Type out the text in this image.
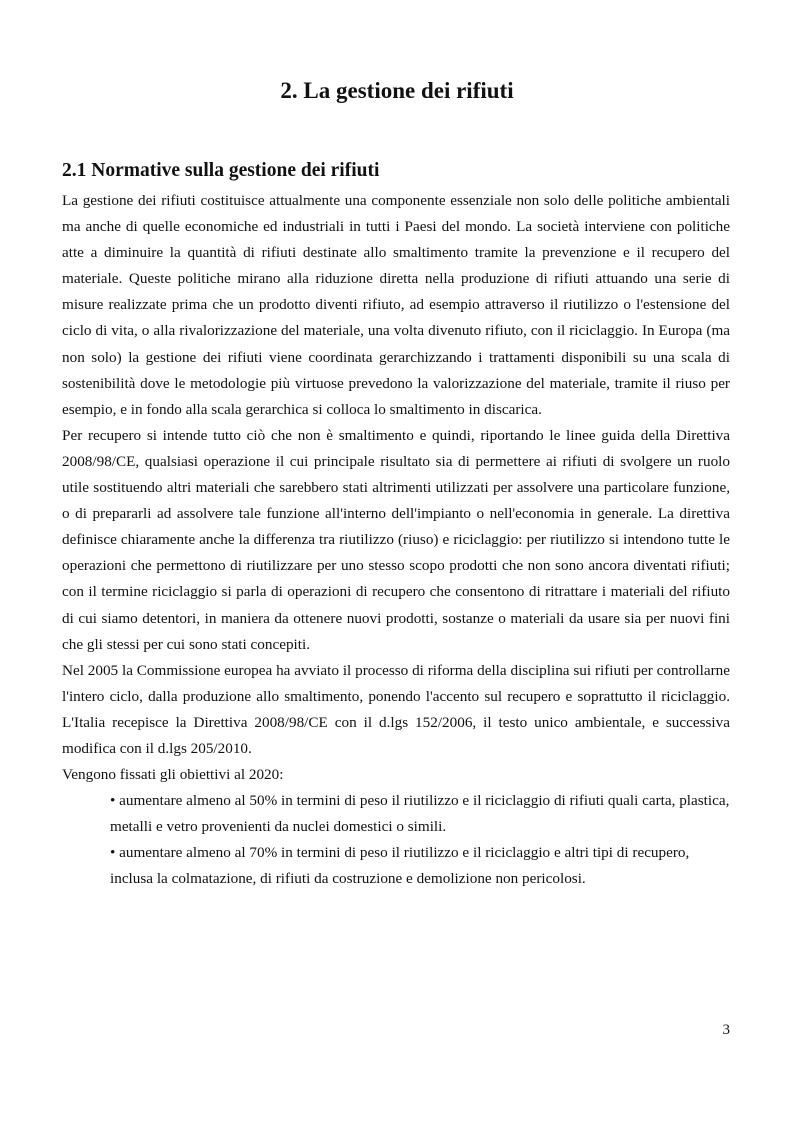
2. La gestione dei rifiuti
2.1 Normative sulla gestione dei rifiuti

La gestione dei rifiuti costituisce attualmente una componente essenziale non solo delle politiche ambientali ma anche di quelle economiche ed industriali in tutti i Paesi del mondo. La società interviene con politiche atte a diminuire la quantità di rifiuti destinate allo smaltimento tramite la prevenzione e il recupero del materiale. Queste politiche mirano alla riduzione diretta nella produzione di rifiuti attuando una serie di misure realizzate prima che un prodotto diventi rifiuto, ad esempio attraverso il riutilizzo o l'estensione del ciclo di vita, o alla rivalorizzazione del materiale, una volta divenuto rifiuto, con il riciclaggio. In Europa (ma non solo) la gestione dei rifiuti viene coordinata gerarchizzando i trattamenti disponibili su una scala di sostenibilità dove le metodologie più virtuose prevedono la valorizzazione del materiale, tramite il riuso per esempio, e in fondo alla scala gerarchica si colloca lo smaltimento in discarica.

Per recupero si intende tutto ciò che non è smaltimento e quindi, riportando le linee guida della Direttiva 2008/98/CE, qualsiasi operazione il cui principale risultato sia di permettere ai rifiuti di svolgere un ruolo utile sostituendo altri materiali che sarebbero stati altrimenti utilizzati per assolvere una particolare funzione, o di prepararli ad assolvere tale funzione all'interno dell'impianto o nell'economia in generale. La direttiva definisce chiaramente anche la differenza tra riutilizzo (riuso) e riciclaggio: per riutilizzo si intendono tutte le operazioni che permettono di riutilizzare per uno stesso scopo prodotti che non sono ancora diventati rifiuti; con il termine riciclaggio si parla di operazioni di recupero che consentono di ritrattare i materiali del rifiuto di cui siamo detentori, in maniera da ottenere nuovi prodotti, sostanze o materiali da usare sia per nuovi fini che gli stessi per cui sono stati concepiti.

Nel 2005 la Commissione europea ha avviato il processo di riforma della disciplina sui rifiuti per controllarne l'intero ciclo, dalla produzione allo smaltimento, ponendo l'accento sul recupero e soprattutto il riciclaggio. L'Italia recepisce la Direttiva 2008/98/CE con il d.lgs 152/2006, il testo unico ambientale, e successiva modifica con il d.lgs 205/2010.

Vengono fissati gli obiettivi al 2020:

• aumentare almeno al 50% in termini di peso il riutilizzo e il riciclaggio di rifiuti quali carta, plastica, metalli e vetro provenienti da nuclei domestici o simili.
• aumentare almeno al 70% in termini di peso il riutilizzo e il riciclaggio e altri tipi di recupero, inclusa la colmatazione, di rifiuti da costruzione e demolizione non pericolosi.

3
